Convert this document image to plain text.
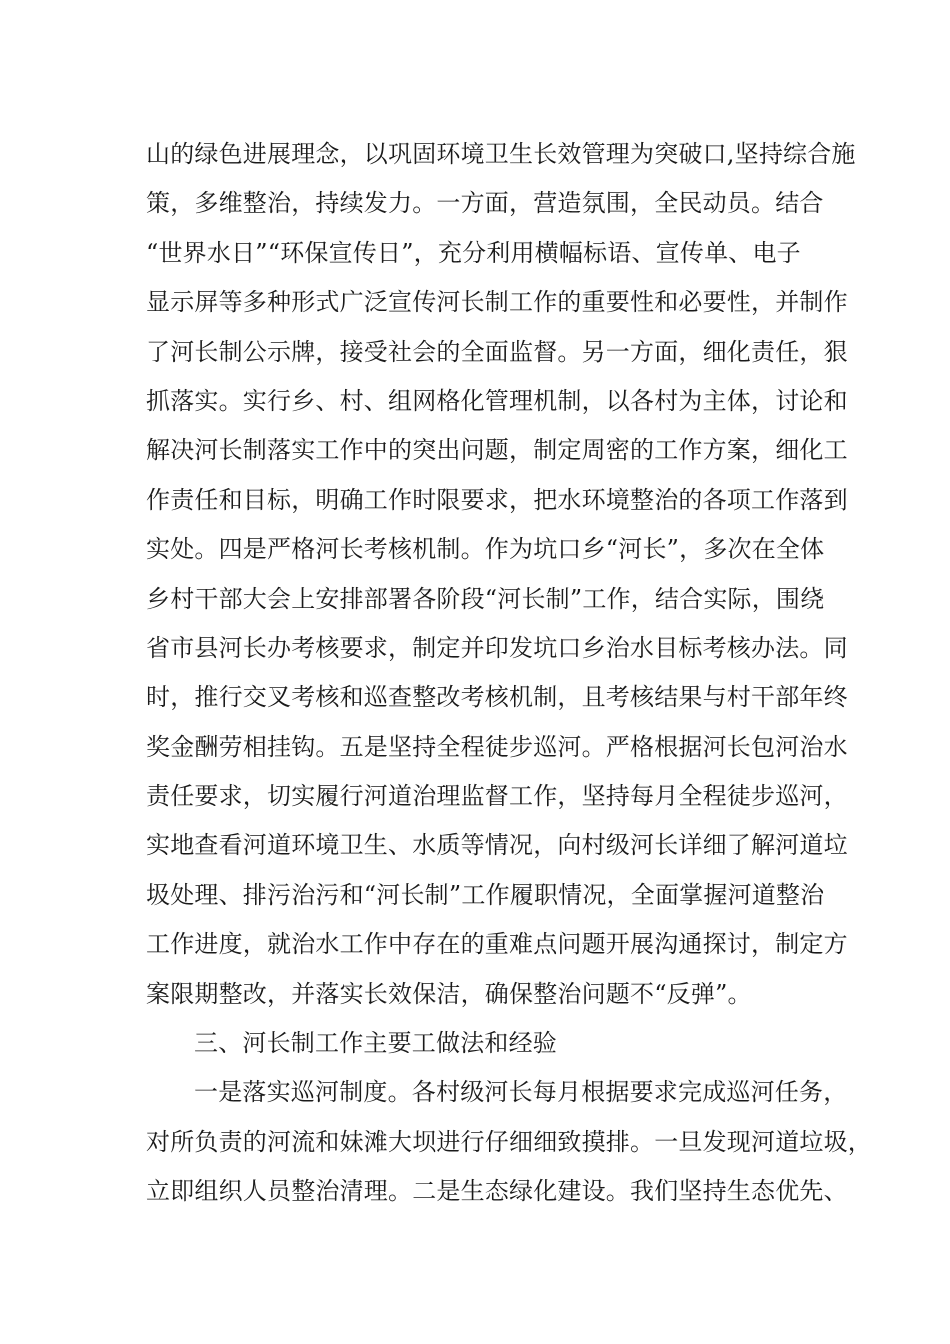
山的绿色进展理念，以巩固环境卫生长效管理为突破口,坚持综合施
策，多维整治，持续发力。一方面，营造氛围，全民动员。结合
“世界水日”“环保宣传日”，充分利用横幅标语、宣传单、电子
显示屏等多种形式广泛宣传河长制工作的重要性和必要性，并制作
了河长制公示牌，接受社会的全面监督。另一方面，细化责任，狠
抓落实。实行乡、村、组网格化管理机制，以各村为主体，讨论和
解决河长制落实工作中的突出问题，制定周密的工作方案，细化工
作责任和目标，明确工作时限要求，把水环境整治的各项工作落到
实处。四是严格河长考核机制。作为坑口乡“河长”，多次在全体
乡村干部大会上安排部署各阶段“河长制”工作，结合实际，围绕
省市县河长办考核要求，制定并印发坑口乡治水目标考核办法。同
时，推行交叉考核和巡查整改考核机制，且考核结果与村干部年终
奖金酬劳相挂钩。五是坚持全程徒步巡河。严格根据河长包河治水
责任要求，切实履行河道治理监督工作，坚持每月全程徒步巡河，
实地查看河道环境卫生、水质等情况，向村级河长详细了解河道垃
圾处理、排污治污和“河长制”工作履职情况，全面掌握河道整治
工作进度，就治水工作中存在的重难点问题开展沟通探讨，制定方
案限期整改，并落实长效保洁，确保整治问题不“反弹”。
三、河长制工作主要工做法和经验
一是落实巡河制度。各村级河长每月根据要求完成巡河任务，
对所负责的河流和妹滩大坝进行仔细细致摸排。一旦发现河道垃圾，
立即组织人员整治清理。二是生态绿化建设。我们坚持生态优先、
